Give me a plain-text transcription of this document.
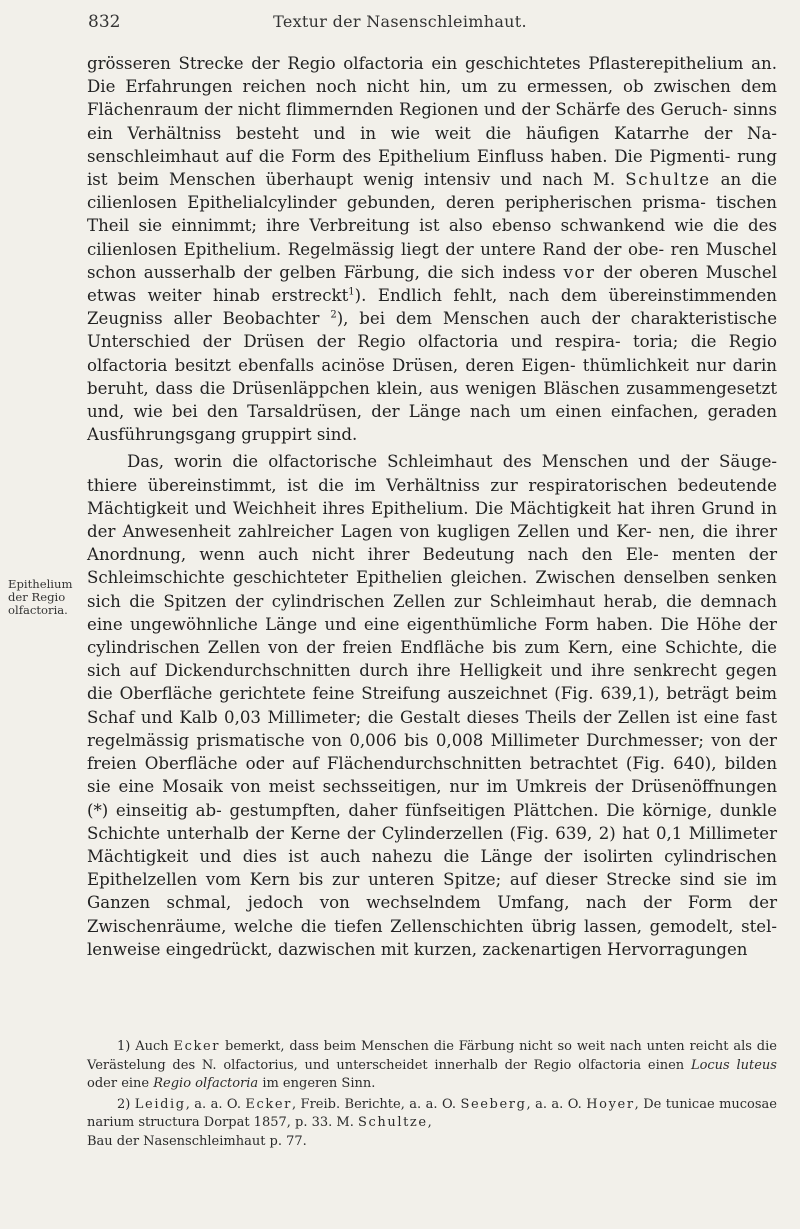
832	Textur der Nasenschleimhaut.
Epithelium
der Regio
olfactoria.

grösseren Strecke der Regio olfactoria ein geschichtetes Pflasterepithelium an. Die Erfahrungen reichen noch nicht hin, um zu ermessen, ob zwischen dem Flächenraum der nicht flimmernden Regionen und der Schärfe des Geruch- sinns ein Verhältniss besteht und in wie weit die häufigen Katarrhe der Na- senschleimhaut auf die Form des Epithelium Einfluss haben. Die Pigmenti- rung ist beim Menschen überhaupt wenig intensiv und nach M. Schultze an die cilienlosen Epithelialcylinder gebunden, deren peripherischen prisma- tischen Theil sie einnimmt; ihre Verbreitung ist also ebenso schwankend wie die des cilienlosen Epithelium. Regelmässig liegt der untere Rand der obe- ren Muschel schon ausserhalb der gelben Färbung, die sich indess vor der oberen Muschel etwas weiter hinab erstreckt$^1$). Endlich fehlt, nach dem übereinstimmenden Zeugniss aller Beobachter $^2$), bei dem Menschen auch der charakteristische Unterschied der Drüsen der Regio olfactoria und respira- toria; die Regio olfactoria besitzt ebenfalls acinöse Drüsen, deren Eigen- thümlichkeit nur darin beruht, dass die Drüsenläppchen klein, aus wenigen Bläschen zusammengesetzt und, wie bei den Tarsaldrüsen, der Länge nach um einen einfachen, geraden Ausführungsgang gruppirt sind.

Das, worin die olfactorische Schleimhaut des Menschen und der Säuge- thiere übereinstimmt, ist die im Verhältniss zur respiratorischen bedeutende Mächtigkeit und Weichheit ihres Epithelium. Die Mächtigkeit hat ihren Grund in der Anwesenheit zahlreicher Lagen von kugligen Zellen und Ker- nen, die ihrer Anordnung, wenn auch nicht ihrer Bedeutung nach den Ele- menten der Schleimschichte geschichteter Epithelien gleichen. Zwischen denselben senken sich die Spitzen der cylindrischen Zellen zur Schleimhaut herab, die demnach eine ungewöhnliche Länge und eine eigenthümliche Form haben. Die Höhe der cylindrischen Zellen von der freien Endfläche bis zum Kern, eine Schichte, die sich auf Dickendurchschnitten durch ihre Helligkeit und ihre senkrecht gegen die Oberfläche gerichtete feine Streifung auszeichnet (Fig. 639,1), beträgt beim Schaf und Kalb 0,03 Millimeter; die Gestalt dieses Theils der Zellen ist eine fast regelmässig prismatische von 0,006 bis 0,008 Millimeter Durchmesser; von der freien Oberfläche oder auf Flächendurchschnitten betrachtet (Fig. 640), bilden sie eine Mosaik von meist sechsseitigen, nur im Umkreis der Drüsenöffnungen (*) einseitig ab- gestumpften, daher fünfseitigen Plättchen. Die körnige, dunkle Schichte unterhalb der Kerne der Cylinderzellen (Fig. 639, 2) hat 0,1 Millimeter Mächtigkeit und dies ist auch nahezu die Länge der isolirten cylindrischen Epithelzellen vom Kern bis zur unteren Spitze; auf dieser Strecke sind sie im Ganzen schmal, jedoch von wechselndem Umfang, nach der Form der Zwischenräume, welche die tiefen Zellenschichten übrig lassen, gemodelt, stel- lenweise eingedrückt, dazwischen mit kurzen, zackenartigen Hervorragungen

1) Auch Ecker bemerkt, dass beim Menschen die Färbung nicht so weit nach unten reicht als die Verästelung des N. olfactorius, und unterscheidet innerhalb der Regio olfactoria einen Locus luteus oder eine Regio olfactoria im engeren Sinn.

2) Leidig, a. a. O. Ecker, Freib. Berichte, a. a. O. Seeberg, a. a. O. Hoyer, De tunicae mucosae narium structura Dorpat 1857, p. 33. M. Schultze,

Bau der Nasenschleimhaut p. 77.
